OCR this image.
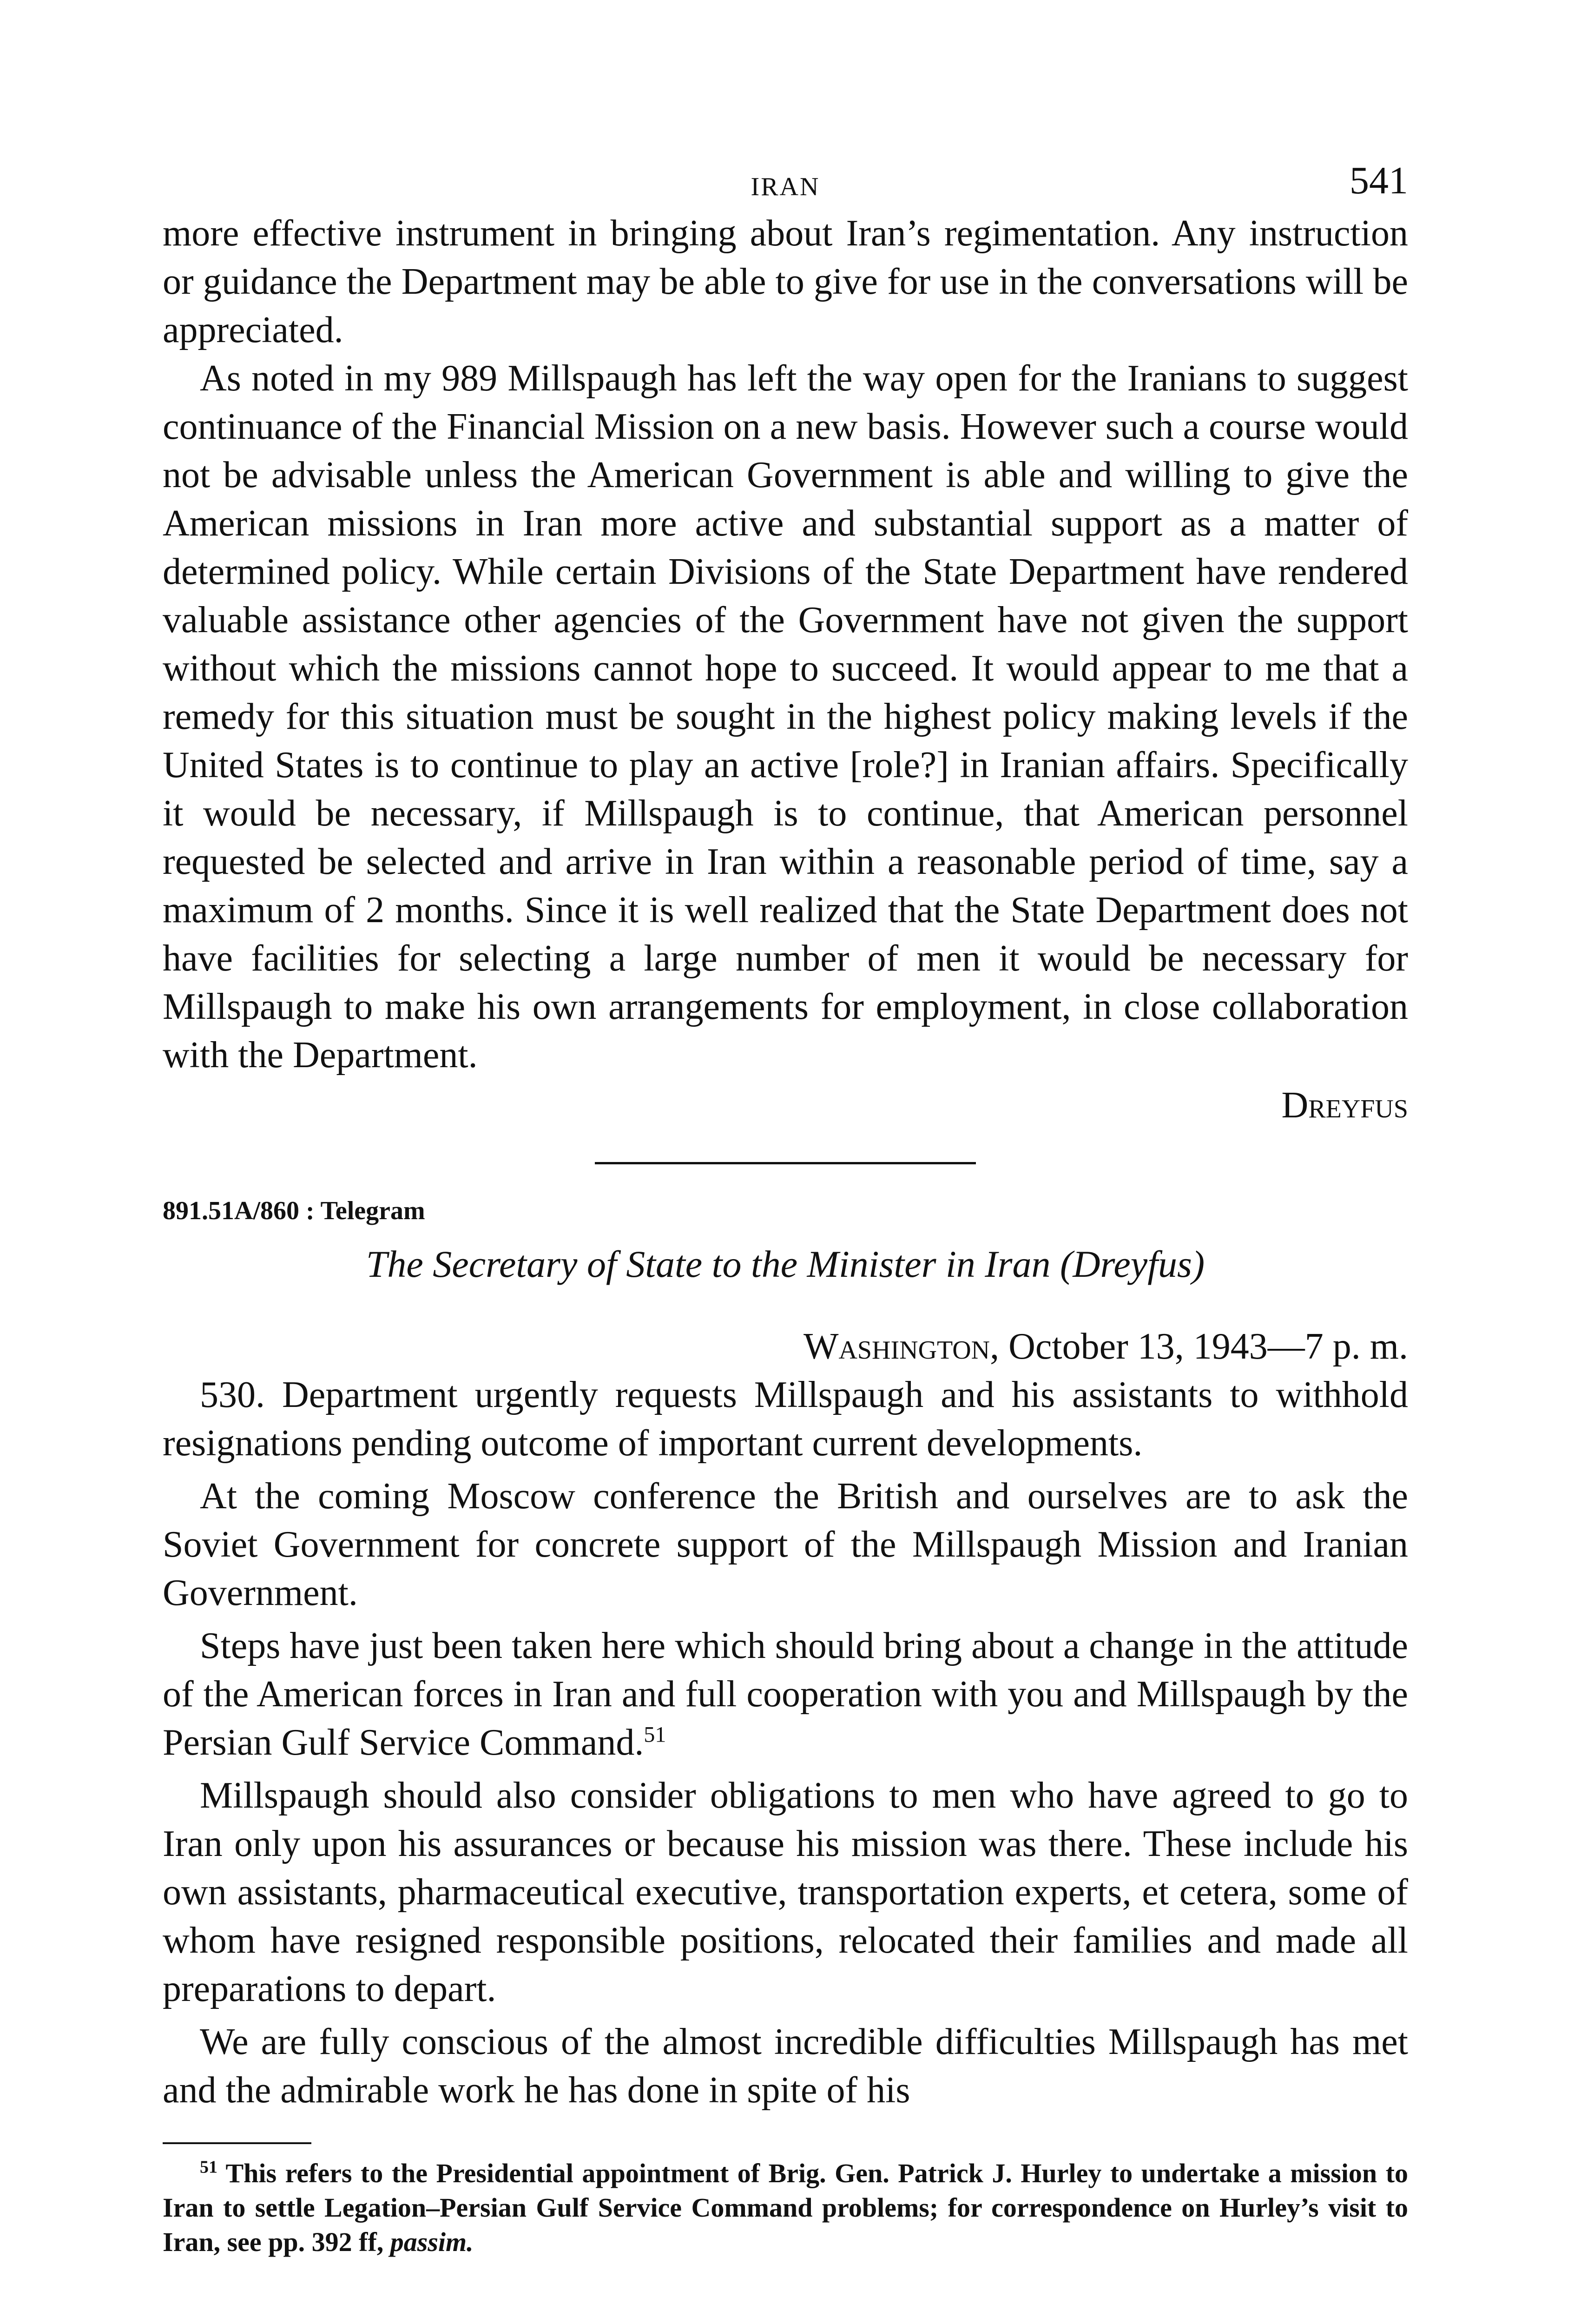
IRAN	541

more effective instrument in bringing about Iran’s regimentation. Any instruction or guidance the Department may be able to give for use in the conversations will be appreciated.

As noted in my 989 Millspaugh has left the way open for the Iranians to suggest continuance of the Financial Mission on a new basis. However such a course would not be advisable unless the American Government is able and willing to give the American missions in Iran more active and substantial support as a matter of determined policy. While certain Divisions of the State Department have rendered valuable assistance other agencies of the Government have not given the support without which the missions cannot hope to succeed. It would appear to me that a remedy for this situation must be sought in the highest policy making levels if the United States is to continue to play an active [role?] in Iranian affairs. Specifically it would be necessary, if Millspaugh is to continue, that American personnel requested be selected and arrive in Iran within a reasonable period of time, say a maximum of 2 months. Since it is well realized that the State Department does not have facilities for selecting a large number of men it would be necessary for Millspaugh to make his own arrangements for employment, in close collaboration with the Department.

Dreyfus
891.51A/860 : Telegram
The Secretary of State to the Minister in Iran (Dreyfus)
Washington, October 13, 1943—7 p. m.

530. Department urgently requests Millspaugh and his assistants to withhold resignations pending outcome of important current developments.

At the coming Moscow conference the British and ourselves are to ask the Soviet Government for concrete support of the Millspaugh Mission and Iranian Government.

Steps have just been taken here which should bring about a change in the attitude of the American forces in Iran and full cooperation with you and Millspaugh by the Persian Gulf Service Command.$^{51}$

Millspaugh should also consider obligations to men who have agreed to go to Iran only upon his assurances or because his mission was there. These include his own assistants, pharmaceutical executive, transportation experts, et cetera, some of whom have resigned responsible positions, relocated their families and made all preparations to depart.

We are fully conscious of the almost incredible difficulties Millspaugh has met and the admirable work he has done in spite of his

$^{51}$ This refers to the Presidential appointment of Brig. Gen. Patrick J. Hurley to undertake a mission to Iran to settle Legation–Persian Gulf Service Command problems; for correspondence on Hurley’s visit to Iran, see pp. 392 ff, passim.
